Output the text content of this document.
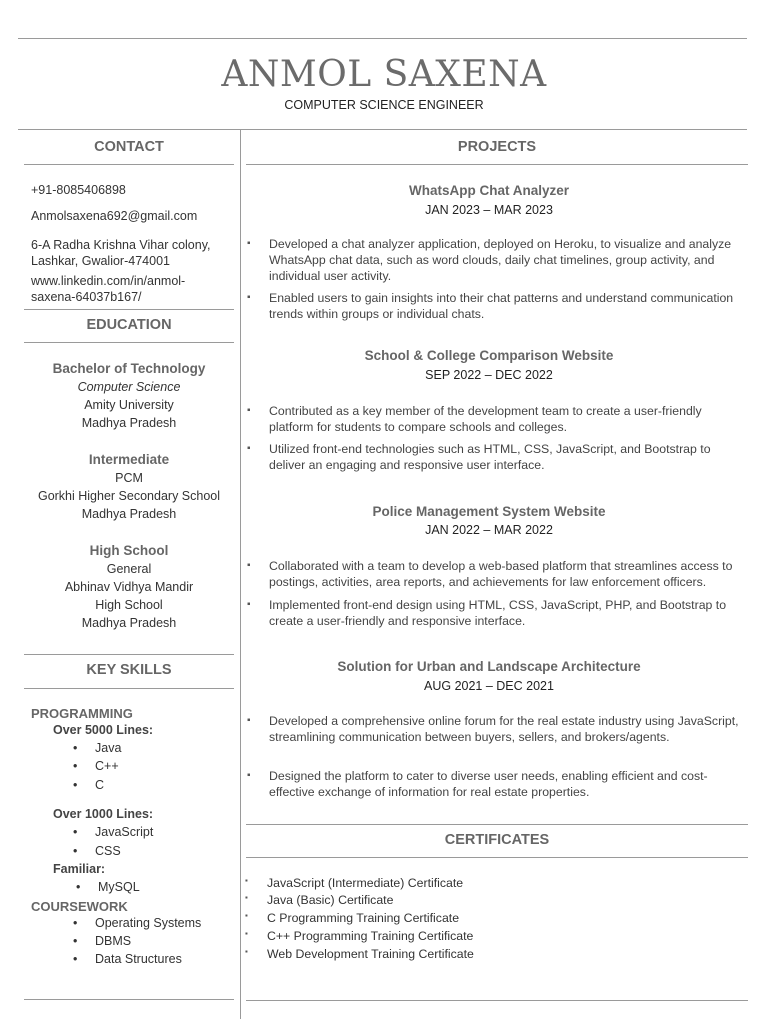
ANMOL SAXENA
COMPUTER SCIENCE ENGINEER
CONTACT
+91-8085406898
Anmolsaxena692@gmail.com
6-A Radha Krishna Vihar colony,
Lashkar, Gwalior-474001
www.linkedin.com/in/anmol-
saxena-64037b167/
EDUCATION
Bachelor of Technology
Computer Science
Amity University
Madhya Pradesh
Intermediate
PCM
Gorkhi Higher Secondary School
Madhya Pradesh
High School
General
Abhinav Vidhya Mandir
High School
Madhya Pradesh
KEY SKILLS
PROGRAMMING
Over 5000 Lines:
• Java
• C++
• C
Over 1000 Lines:
• JavaScript
• CSS
Familiar:
• MySQL
COURSEWORK
• Operating Systems
• DBMS
• Data Structures
PROJECTS
WhatsApp Chat Analyzer
JAN 2023 – MAR 2023
▪ Developed a chat analyzer application, deployed on Heroku, to visualize and analyze WhatsApp chat data, such as word clouds, daily chat timelines, group activity, and individual user activity.
▪ Enabled users to gain insights into their chat patterns and understand communication trends within groups or individual chats.
School & College Comparison Website
SEP 2022 – DEC 2022
▪ Contributed as a key member of the development team to create a user-friendly platform for students to compare schools and colleges.
▪ Utilized front-end technologies such as HTML, CSS, JavaScript, and Bootstrap to deliver an engaging and responsive user interface.
Police Management System Website
JAN 2022 – MAR 2022
▪ Collaborated with a team to develop a web-based platform that streamlines access to postings, activities, area reports, and achievements for law enforcement officers.
▪ Implemented front-end design using HTML, CSS, JavaScript, PHP, and Bootstrap to create a user-friendly and responsive interface.
Solution for Urban and Landscape Architecture
AUG 2021 – DEC 2021
▪ Developed a comprehensive online forum for the real estate industry using JavaScript, streamlining communication between buyers, sellers, and brokers/agents.
▪ Designed the platform to cater to diverse user needs, enabling efficient and cost-effective exchange of information for real estate properties.
CERTIFICATES
▪ JavaScript (Intermediate) Certificate
▪ Java (Basic) Certificate
▪ C Programming Training Certificate
▪ C++ Programming Training Certificate
▪ Web Development Training Certificate
